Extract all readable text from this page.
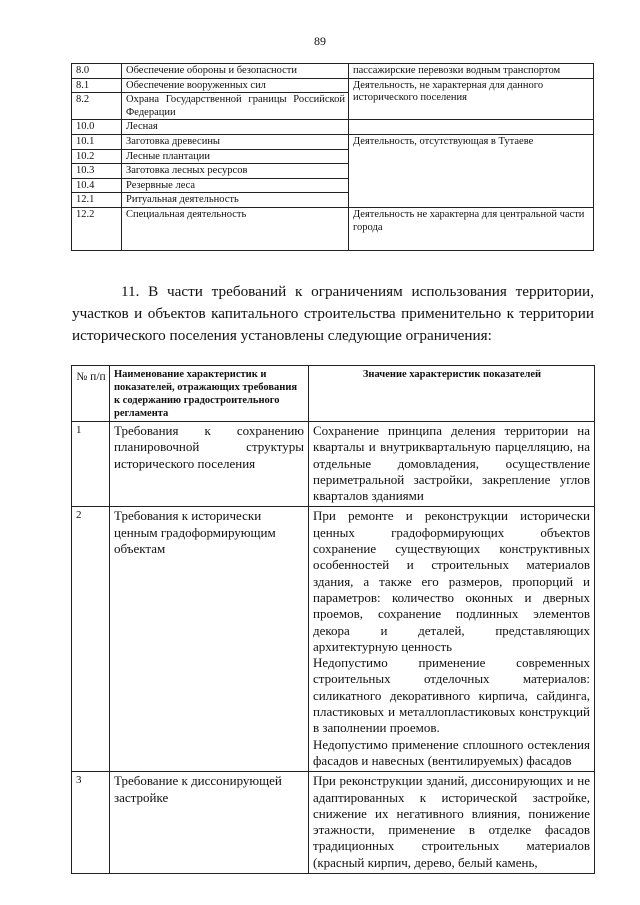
89
8.0	Обеспечение обороны и безопасности	пассажирские перевозки водным транспортом
8.1	Обеспечение вооруженных сил	Деятельность, не характерная для данного исторического поселения
8.2	Охрана Государственной границы Российской Федерации	
10.0	Лесная	
10.1	Заготовка древесины	Деятельность, отсутствующая в Тутаеве
10.2	Лесные плантации	
10.3	Заготовка лесных ресурсов	
10.4	Резервные леса	
12.1	Ритуальная деятельность	
12.2	Специальная деятельность	Деятельность не характерна для центральной части города
11. В части требований к ограничениям использования территории,
участков и объектов капитального строительства применительно к территории исторического поселения установлены следующие ограничения:
№ п/п	Наименование характеристик и показателей, отражающих требования к содержанию градостроительного регламента	Значение характеристик показателей
1	Требования к сохранению планировочной структуры исторического поселения	Сохранение принципа деления территории на кварталы и внутриквартальную парцелляцию, на отдельные домовладения, осуществление периметральной застройки, закрепление углов кварталов зданиями

2	Требования к исторически ценным градоформирующим объектам	При ремонте и реконструкции исторически ценных градоформирующих объектов сохранение существующих конструктивных особенностей и строительных материалов здания, а также его размеров, пропорций и параметров: количество оконных и дверных проемов, сохранение подлинных элементов декора и деталей, представляющих архитектурную ценность

Недопустимо применение современных строительных отделочных материалов: силикатного декоративного кирпича, сайдинга, пластиковых и металлопластиковых конструкций в заполнении проемов.

Недопустимо применение сплошного остекления фасадов и навесных (вентилируемых) фасадов

3	Требование к диссонирующей застройке	При реконструкции зданий, диссонирующих и не адаптированных к исторической застройке, снижение их негативного влияния, понижение этажности, применение в отделке фасадов традиционных строительных материалов (красный кирпич, дерево, белый камень,
